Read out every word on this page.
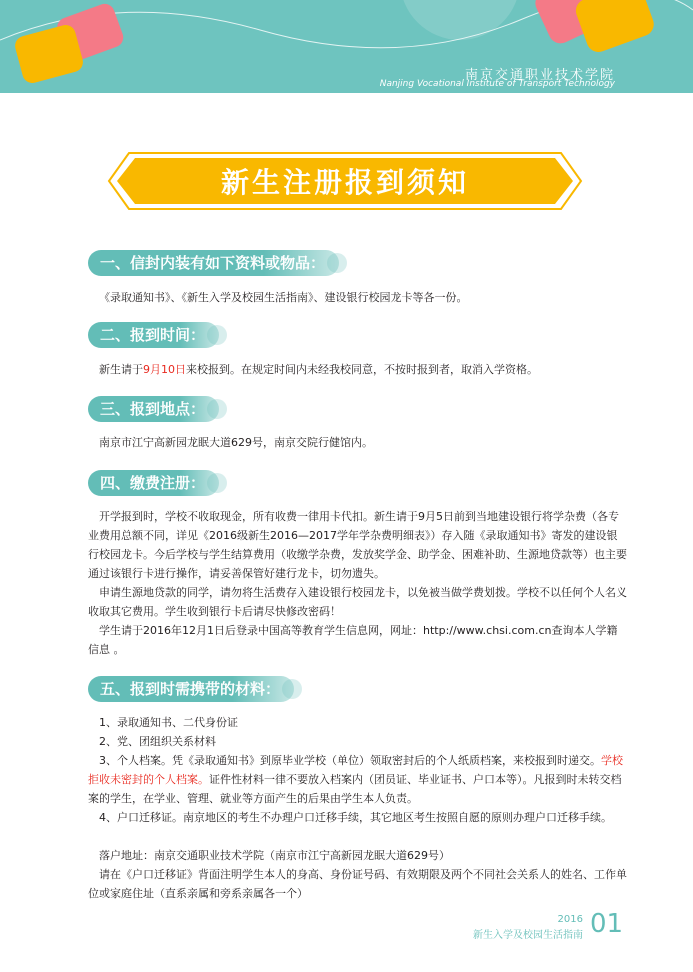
南京交通职业技术学院
Nanjing Vocational Institute of Transport Technology
新生注册报到须知
一、信封内装有如下资料或物品：

《录取通知书》、《新生入学及校园生活指南》、建设银行校园龙卡等各一份。

二、报到时间：

新生请于9月10日来校报到。在规定时间内未经我校同意，不按时报到者，取消入学资格。

三、报到地点：

南京市江宁高新园龙眠大道629号，南京交院行健馆内。

四、缴费注册：

开学报到时，学校不收取现金，所有收费一律用卡代扣。新生请于9月5日前到当地建设银行将学杂费（各专业费用总额不同，详见《2016级新生2016—2017学年学杂费明细表》）存入随《录取通知书》寄发的建设银行校园龙卡。今后学校与学生结算费用（收缴学杂费，发放奖学金、助学金、困难补助、生源地贷款等）也主要通过该银行卡进行操作，请妥善保管好建行龙卡，切勿遗失。

申请生源地贷款的同学，请勿将生活费存入建设银行校园龙卡，以免被当做学费划拨。学校不以任何个人名义收取其它费用。学生收到银行卡后请尽快修改密码！

学生请于2016年12月1日后登录中国高等教育学生信息网，网址：http://www.chsi.com.cn查询本人学籍信息 。

五、报到时需携带的材料：

1、录取通知书、二代身份证

2、党、团组织关系材料

3、个人档案。凭《录取通知书》到原毕业学校（单位）领取密封后的个人纸质档案，来校报到时递交。学校拒收未密封的个人档案。证件性材料一律不要放入档案内（团员证、毕业证书、户口本等）。凡报到时未转交档案的学生，在学业、管理、就业等方面产生的后果由学生本人负责。

4、户口迁移证。南京地区的考生不办理户口迁移手续，其它地区考生按照自愿的原则办理户口迁移手续。

落户地址：南京交通职业技术学院（南京市江宁高新园龙眠大道629号）

请在《户口迁移证》背面注明学生本人的身高、身份证号码、有效期限及两个不同社会关系人的姓名、工作单位或家庭住址（直系亲属和旁系亲属各一个）

2016
新生入学及校园生活指南 01
